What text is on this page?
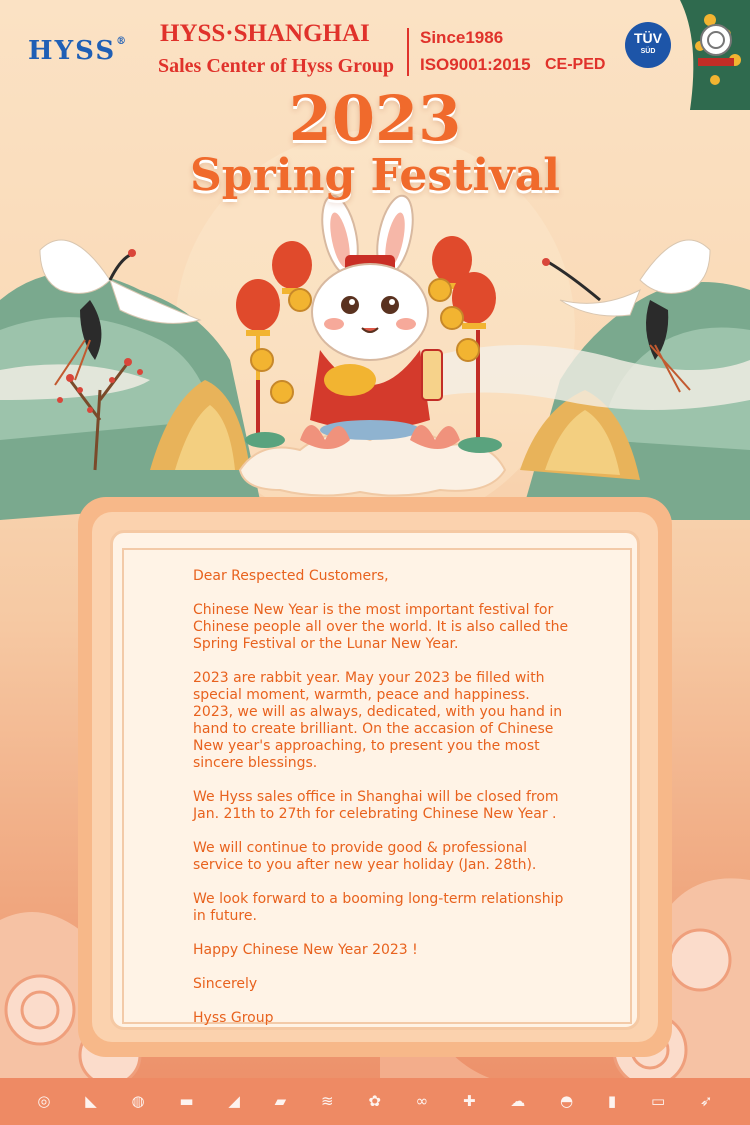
HYSS® HYSS·SHANGHAI
Sales Center of Hyss Group
Since1986
ISO9001:2015 CE-PED
TÜV
SÜD
2023
Spring Festival

Dear Respected Customers,

Chinese New Year is the most important festival for Chinese people all over the world. It is also called the Spring Festival or the Lunar New Year.

2023 are rabbit year. May your 2023 be filled with special moment, warmth, peace and happiness. 2023, we will as always, dedicated, with you hand in hand to create brilliant. On the accasion of Chinese New year's approaching, to present you the most sincere blessings.

We Hyss sales office in Shanghai will be closed from Jan. 21th to 27th for celebrating Chinese New Year .

We will continue to provide good & professional service to you after new year holiday (Jan. 28th).

We look forward to a booming long-term relationship in future.

Happy Chinese New Year 2023 !

Sincerely

Hyss Group

◎ ◣ ◍ ▬ ◢ ▰ ≋ ✿ ∞ ✚ ☁ ◓ ▮ ▭ ➶
